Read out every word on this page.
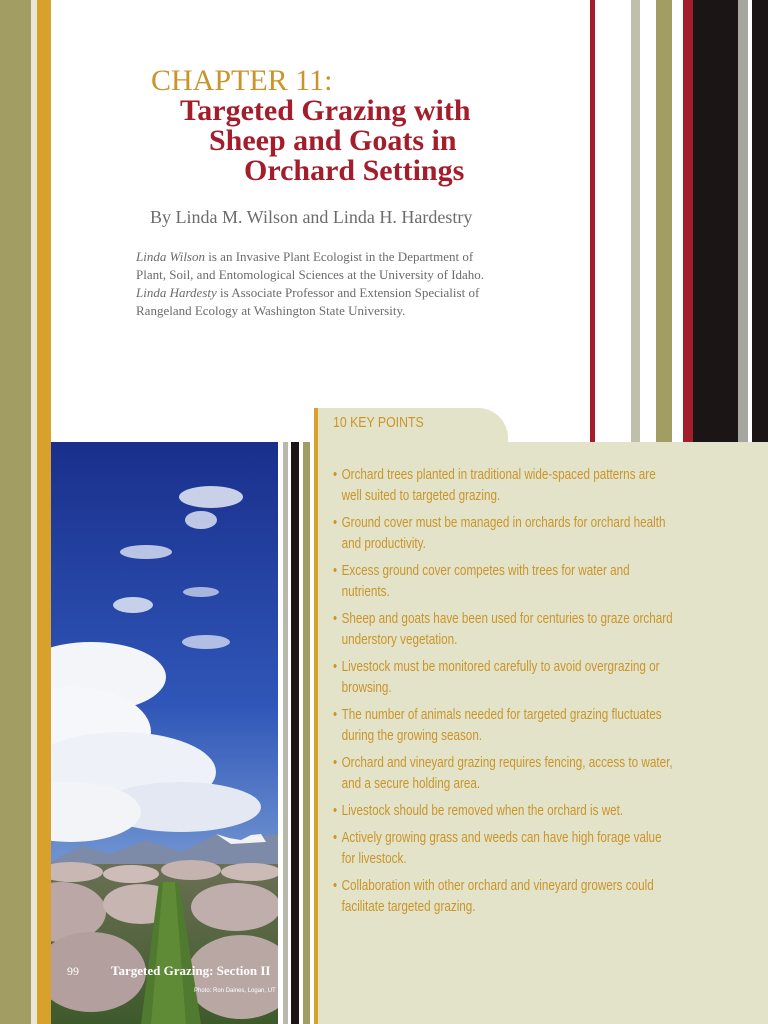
CHAPTER 11:
Targeted Grazing with
Sheep and Goats in
Orchard Settings
By Linda M. Wilson and Linda H. Hardestry
Linda Wilson is an Invasive Plant Ecologist in the Department of
Plant, Soil, and Entomological Sciences at the University of Idaho.
Linda Hardesty is Associate Professor and Extension Specialist of
Rangeland Ecology at Washington State University.
99 Targeted Grazing: Section II
Photo: Ron Daines, Logan, UT
10 KEY POINTS
• Orchard trees planted in traditional wide-spaced patterns are
well suited to targeted grazing.
• Ground cover must be managed in orchards for orchard health
and productivity.
• Excess ground cover competes with trees for water and
nutrients.
• Sheep and goats have been used for centuries to graze orchard
understory vegetation.
• Livestock must be monitored carefully to avoid overgrazing or
browsing.
• The number of animals needed for targeted grazing fluctuates
during the growing season.
• Orchard and vineyard grazing requires fencing, access to water,
and a secure holding area.
• Livestock should be removed when the orchard is wet.
• Actively growing grass and weeds can have high forage value
for livestock.
• Collaboration with other orchard and vineyard growers could
facilitate targeted grazing.
